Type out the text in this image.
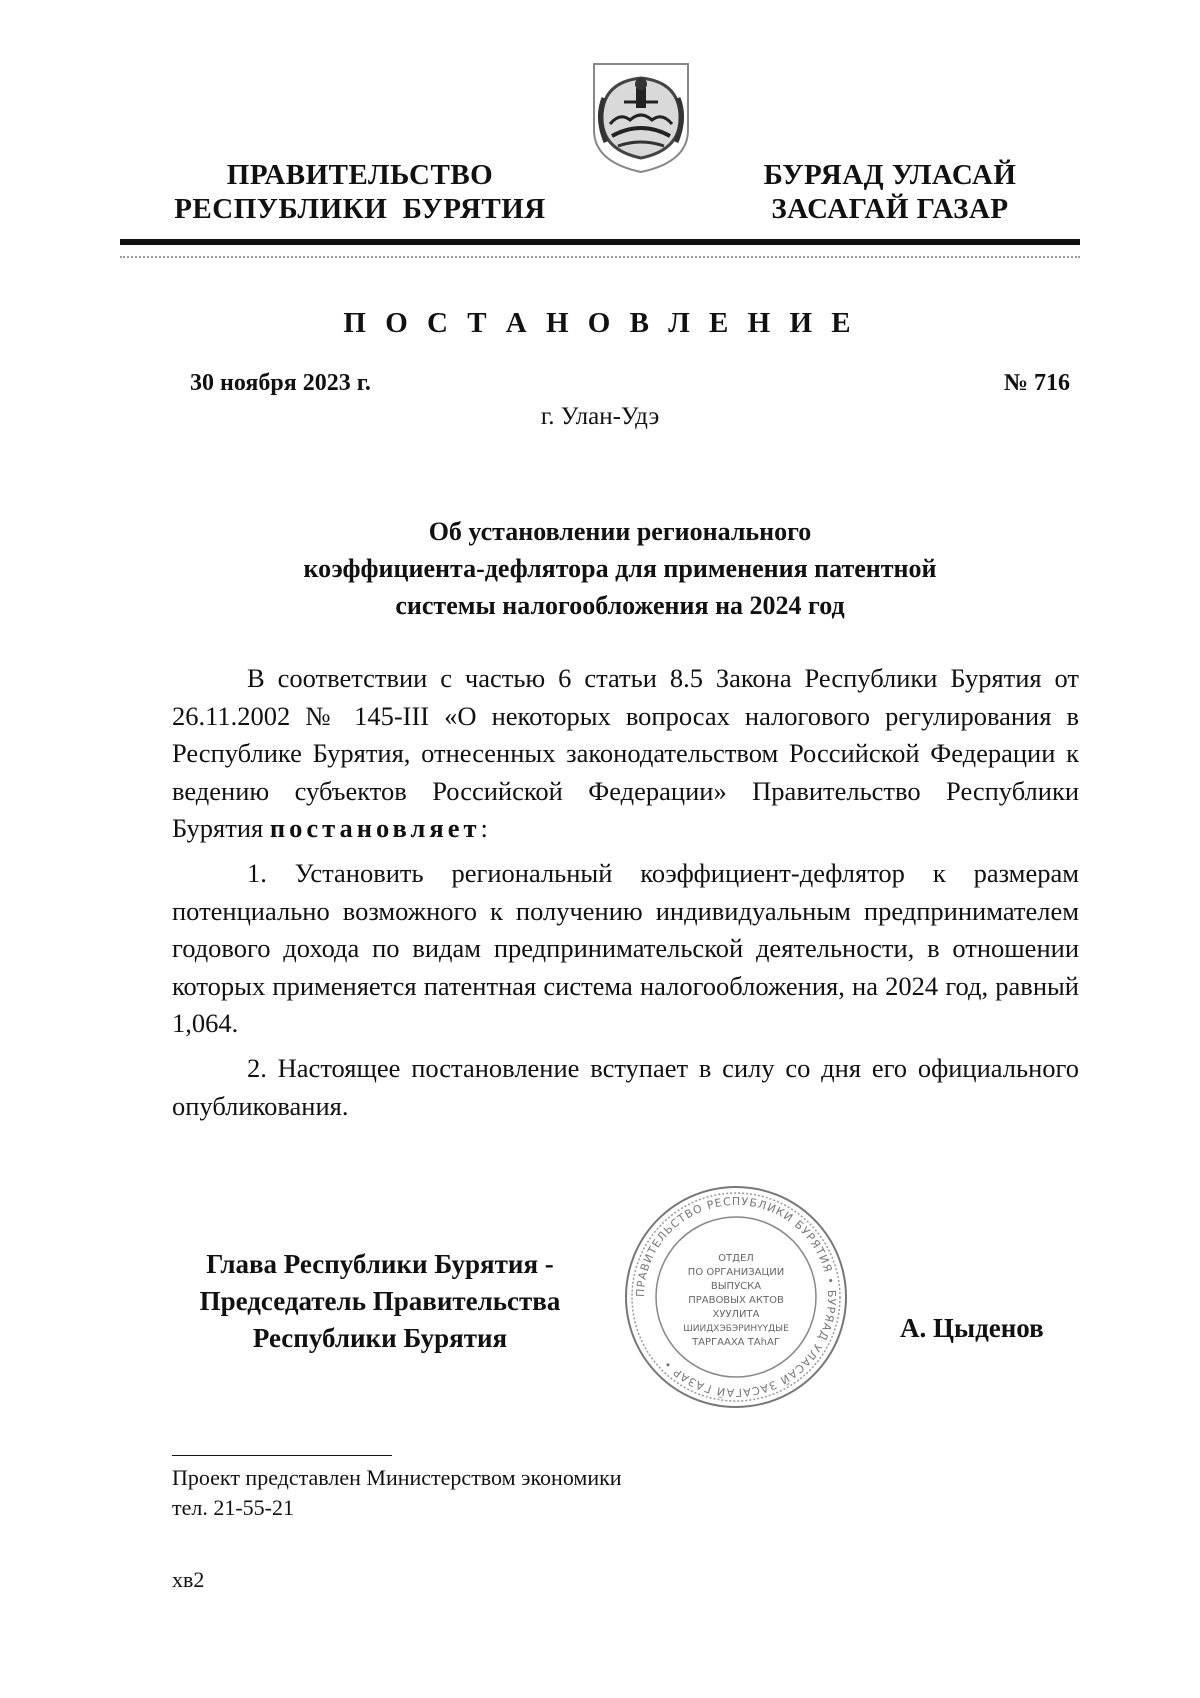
ПРАВИТЕЛЬСТВО
РЕСПУБЛИКИ  БУРЯТИЯ
БУРЯАД УЛАСАЙ
ЗАСАГАЙ ГАЗАР
П О С Т А Н О В Л Е Н И Е
30 ноября 2023 г.	№ 716
г. Улан-Удэ
Об установлении регионального
коэффициента-дефлятора для применения патентной
системы налогообложения на 2024 год

В соответствии с частью 6 статьи 8.5 Закона Республики Бурятия от 26.11.2002 № 145-III «О некоторых вопросах налогового регулирования в Республике Бурятия, отнесенных законодательством Российской Федерации к ведению субъектов Российской Федерации» Правительство Республики Бурятия постановляет:

1. Установить региональный коэффициент-дефлятор к размерам потенциально возможного к получению индивидуальным предпринимателем годового дохода по видам предпринимательской деятельности, в отношении которых применяется патентная система налогообложения, на 2024 год, равный 1,064.

2. Настоящее постановление вступает в силу со дня его официального опубликования.

Глава Республики Бурятия -
Председатель Правительства
Республики Бурятия
ПРАВИТЕЛЬСТВО РЕСПУБЛИКИ БУРЯТИЯ • БУРЯАД УЛАСАЙ ЗАСАГАЙ ГАЗАР •
ОТДЕЛ
ПО ОРГАНИЗАЦИИ
ВЫПУСКА
ПРАВОВЫХ АКТОВ
ХУУЛИТА
ШИИДХЭБЭРИНҮҮДЫЕ
ТАРГААХА ТАһАГ	А. Цыденов
Проект представлен Министерством экономики
тел. 21-55-21
хв2
